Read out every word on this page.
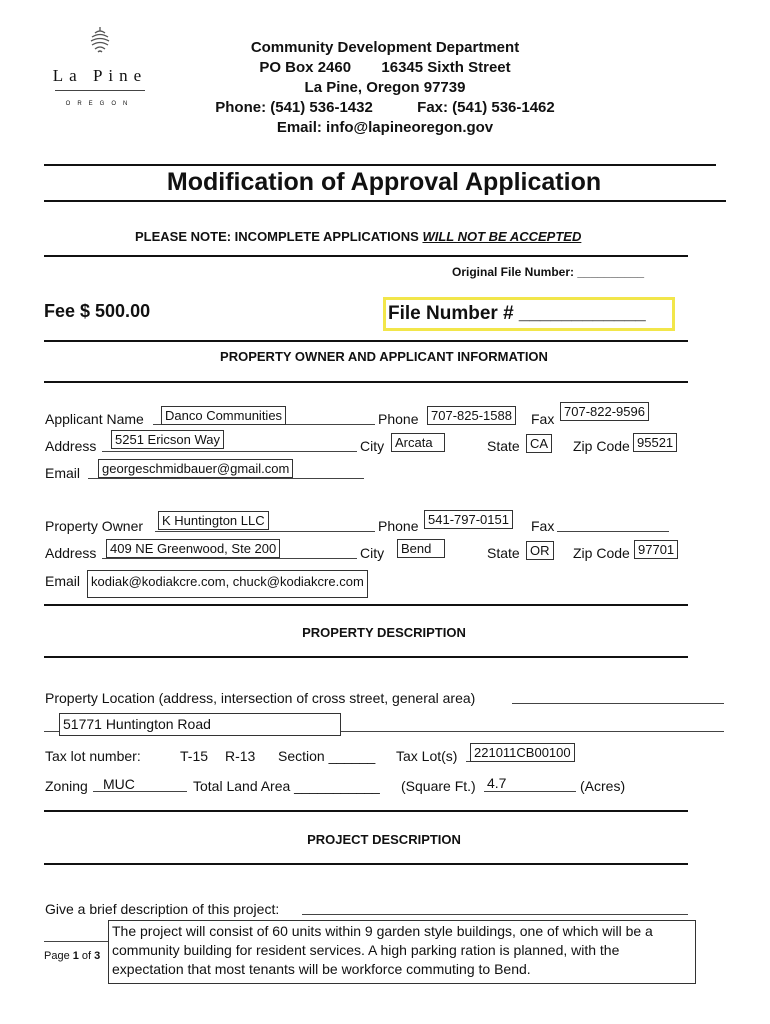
La Pine
OREGON
Community Development Department
PO Box 2460 16345 Sixth Street
La Pine, Oregon 97739
Phone: (541) 536-1432	Fax: (541) 536-1462
Email: info@lapineoregon.gov
Modification of Approval Application
PLEASE NOTE: INCOMPLETE APPLICATIONS WILL NOT BE ACCEPTED
Original File Number: __________
Fee $ 500.00	File Number # ____________
PROPERTY OWNER AND APPLICANT INFORMATION
Applicant Name	Danco Communities	Phone 707-825-1588 Fax 707-822-9596
Address	5251 Ericson Way	City Arcata	State CA Zip Code 95521
Email	georgeschmidbauer@gmail.com
Property Owner	K Huntington LLC	Phone 541-797-0151 Fax
Address	409 NE Greenwood, Ste 200	City	Bend	State OR Zip Code 97701
Email kodiak@kodiakcre.com, chuck@kodiakcre.com
PROPERTY DESCRIPTION
Property Location (address, intersection of cross street, general area)
51771 Huntington Road
Tax lot number:	T-15 R-13 Section ______ Tax Lot(s)	221011CB00100
Zoning MUC	Total Land Area ___________ (Square Ft.) 4.7	(Acres)
PROJECT DESCRIPTION
Give a brief description of this project:
Page 1 of 3
The project will consist of 60 units within 9 garden style buildings, one of which will be a community building for resident services. A high parking ration is planned, with the expectation that most tenants will be workforce commuting to Bend.
